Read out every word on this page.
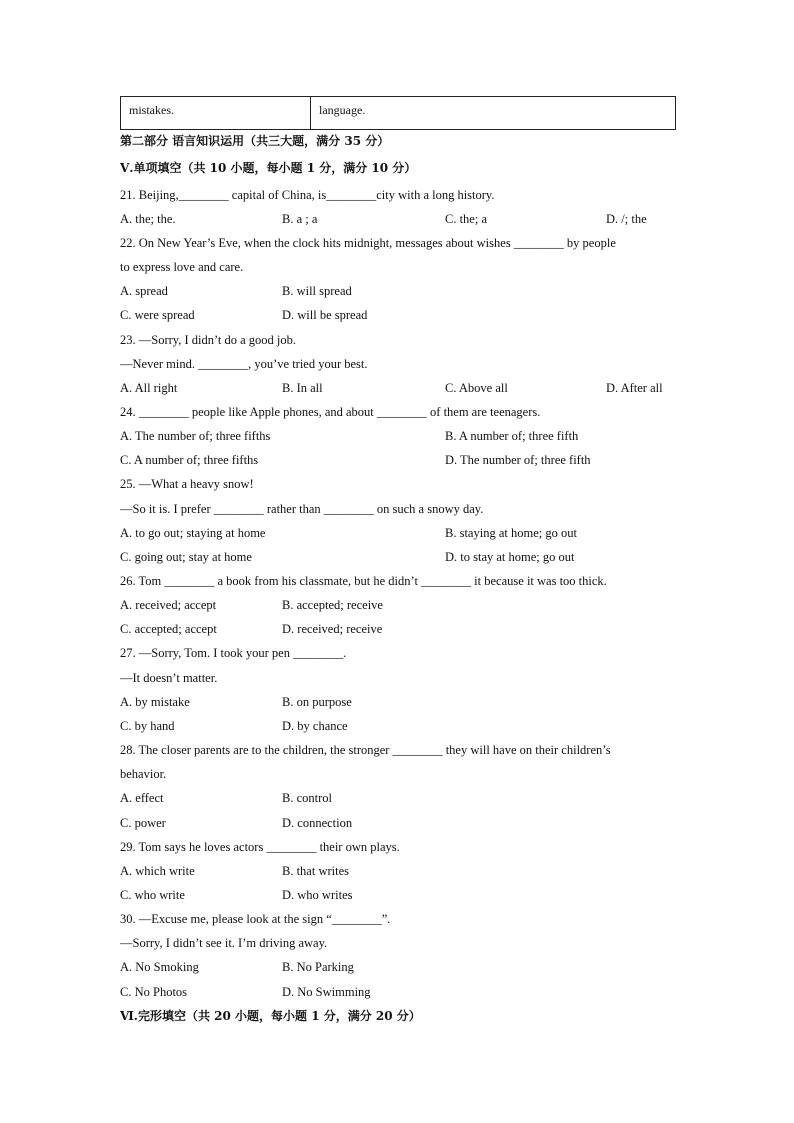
mistakes.	language.
第二部分 语言知识运用（共三大题，满分 35 分）
Ⅴ.单项填空（共 10 小题，每小题 1 分，满分 10 分）
21. Beijing,________ capital of China, is________city with a long history.
A. the; the.	B. a ; a	C. the; a	D. /; the
22. On New Year’s Eve, when the clock hits midnight, messages about wishes ________ by people
to express love and care.
A. spread	B. will spread
C. were spread	D. will be spread
23. —Sorry, I didn’t do a good job.
—Never mind. ________, you’ve tried your best.
A. All right	B. In all	C. Above all	D. After all
24. ________ people like Apple phones, and about ________ of them are teenagers.
A. The number of; three fifths	B. A number of; three fifth
C. A number of; three fifths	D. The number of; three fifth
25. —What a heavy snow!
—So it is. I prefer ________ rather than ________ on such a snowy day.
A. to go out; staying at home	B. staying at home; go out
C. going out; stay at home	D. to stay at home; go out
26. Tom ________ a book from his classmate, but he didn’t ________ it because it was too thick.
A. received; accept	B. accepted; receive
C. accepted; accept	D. received; receive
27. —Sorry, Tom. I took your pen ________.
—It doesn’t matter.
A. by mistake	B. on purpose
C. by hand	D. by chance
28. The closer parents are to the children, the stronger ________ they will have on their children’s
behavior.
A. effect	B. control
C. power	D. connection
29. Tom says he loves actors ________ their own plays.
A. which write	B. that writes
C. who write	D. who writes
30. —Excuse me, please look at the sign “________”.
—Sorry, I didn’t see it. I’m driving away.
A. No Smoking	B. No Parking
C. No Photos	D. No Swimming
Ⅵ.完形填空（共 20 小题，每小题 1 分，满分 20 分）
